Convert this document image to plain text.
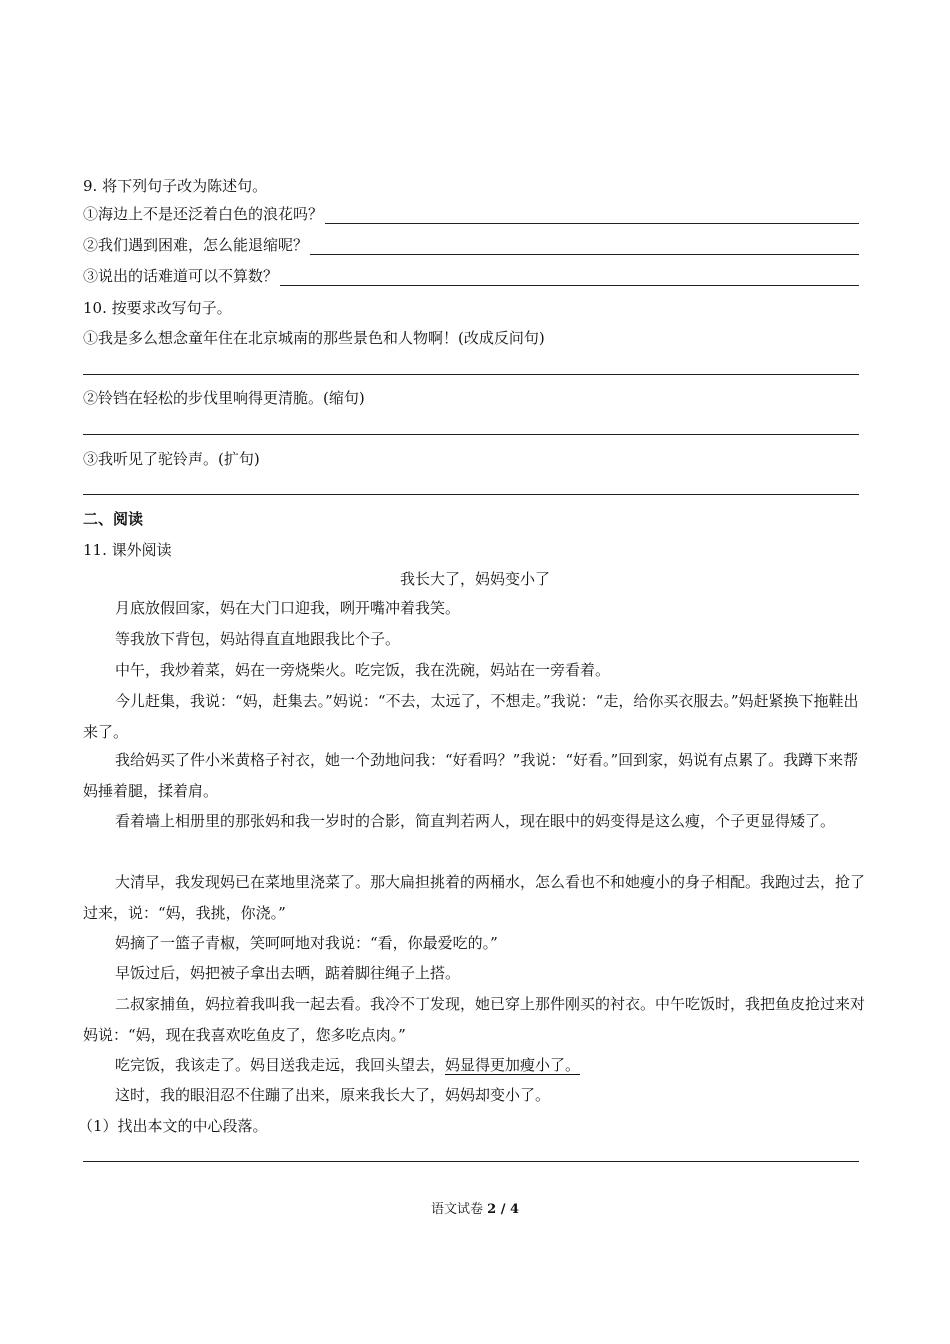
9. 将下列句子改为陈述句。
①海边上不是还泛着白色的浪花吗？
②我们遇到困难，怎么能退缩呢？
③说出的话难道可以不算数？
10. 按要求改写句子。
①我是多么想念童年住在北京城南的那些景色和人物啊！(改成反问句)
②铃铛在轻松的步伐里响得更清脆。(缩句)
③我听见了驼铃声。(扩句)
二、阅读
11. 课外阅读
我长大了，妈妈变小了
月底放假回家，妈在大门口迎我，咧开嘴冲着我笑。
等我放下背包，妈站得直直地跟我比个子。
中午，我炒着菜，妈在一旁烧柴火。吃完饭，我在洗碗，妈站在一旁看着。
今儿赶集，我说：“妈，赶集去。”妈说：“不去，太远了，不想走。”我说：“走，给你买衣服去。”妈赶紧换下拖鞋出来了。
我给妈买了件小米黄格子衬衣，她一个劲地问我：“好看吗？”我说：“好看。”回到家，妈说有点累了。我蹲下来帮妈捶着腿，揉着肩。
看着墙上相册里的那张妈和我一岁时的合影，简直判若两人，现在眼中的妈变得是这么瘦，个子更显得矮了。
大清早，我发现妈已在菜地里浇菜了。那大扁担挑着的两桶水，怎么看也不和她瘦小的身子相配。我跑过去，抢了过来，说：“妈，我挑，你浇。”
妈摘了一篮子青椒，笑呵呵地对我说：“看，你最爱吃的。”
早饭过后，妈把被子拿出去晒，踮着脚往绳子上搭。
二叔家捕鱼，妈拉着我叫我一起去看。我冷不丁发现，她已穿上那件刚买的衬衣。中午吃饭时，我把鱼皮抢过来对妈说：“妈，现在我喜欢吃鱼皮了，您多吃点肉。”
吃完饭，我该走了。妈目送我走远，我回头望去，妈显得更加瘦小了。
这时，我的眼泪忍不住蹦了出来，原来我长大了，妈妈却变小了。
（1）找出本文的中心段落。
语文试卷 2 / 4
